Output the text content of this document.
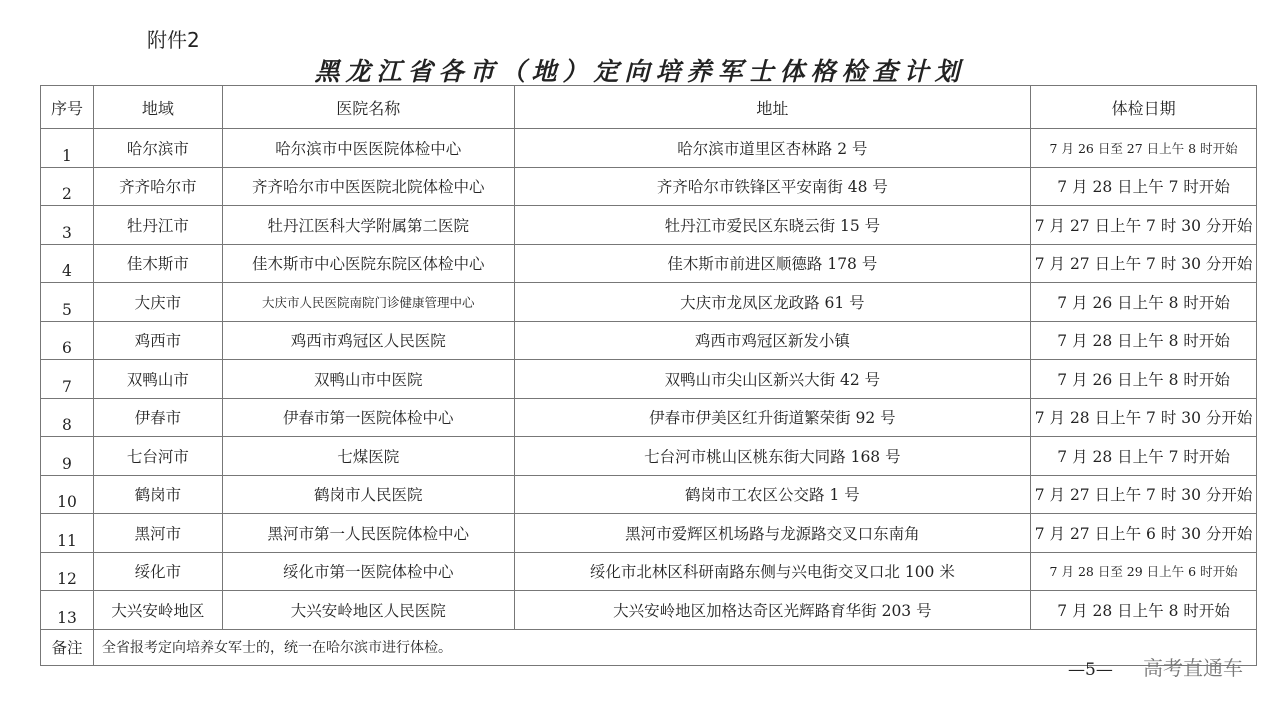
附件2
黑龙江省各市（地）定向培养军士体格检查计划
序号	地域	医院名称	地址	体检日期
1	哈尔滨市	哈尔滨市中医医院体检中心	哈尔滨市道里区杏林路 2 号	7 月 26 日至 27 日上午 8 时开始
2	齐齐哈尔市	齐齐哈尔市中医医院北院体检中心	齐齐哈尔市铁锋区平安南街 48 号	7 月 28 日上午 7 时开始
3	牡丹江市	牡丹江医科大学附属第二医院	牡丹江市爱民区东晓云街 15 号	7 月 27 日上午 7 时 30 分开始
4	佳木斯市	佳木斯市中心医院东院区体检中心	佳木斯市前进区顺德路 178 号	7 月 27 日上午 7 时 30 分开始
5	大庆市	大庆市人民医院南院门诊健康管理中心	大庆市龙凤区龙政路 61 号	7 月 26 日上午 8 时开始
6	鸡西市	鸡西市鸡冠区人民医院	鸡西市鸡冠区新发小镇	7 月 28 日上午 8 时开始
7	双鸭山市	双鸭山市中医院	双鸭山市尖山区新兴大街 42 号	7 月 26 日上午 8 时开始
8	伊春市	伊春市第一医院体检中心	伊春市伊美区红升街道繁荣街 92 号	7 月 28 日上午 7 时 30 分开始
9	七台河市	七煤医院	七台河市桃山区桃东街大同路 168 号	7 月 28 日上午 7 时开始
10	鹤岗市	鹤岗市人民医院	鹤岗市工农区公交路 1 号	7 月 27 日上午 7 时 30 分开始
11	黑河市	黑河市第一人民医院体检中心	黑河市爱辉区机场路与龙源路交叉口东南角	7 月 27 日上午 6 时 30 分开始
12	绥化市	绥化市第一医院体检中心	绥化市北林区科研南路东侧与兴电街交叉口北 100 米	7 月 28 日至 29 日上午 6 时开始
13	大兴安岭地区	大兴安岭地区人民医院	大兴安岭地区加格达奇区光辉路育华街 203 号	7 月 28 日上午 8 时开始
备注	全省报考定向培养女军士的，统一在哈尔滨市进行体检。			
—5— 高考直通车
